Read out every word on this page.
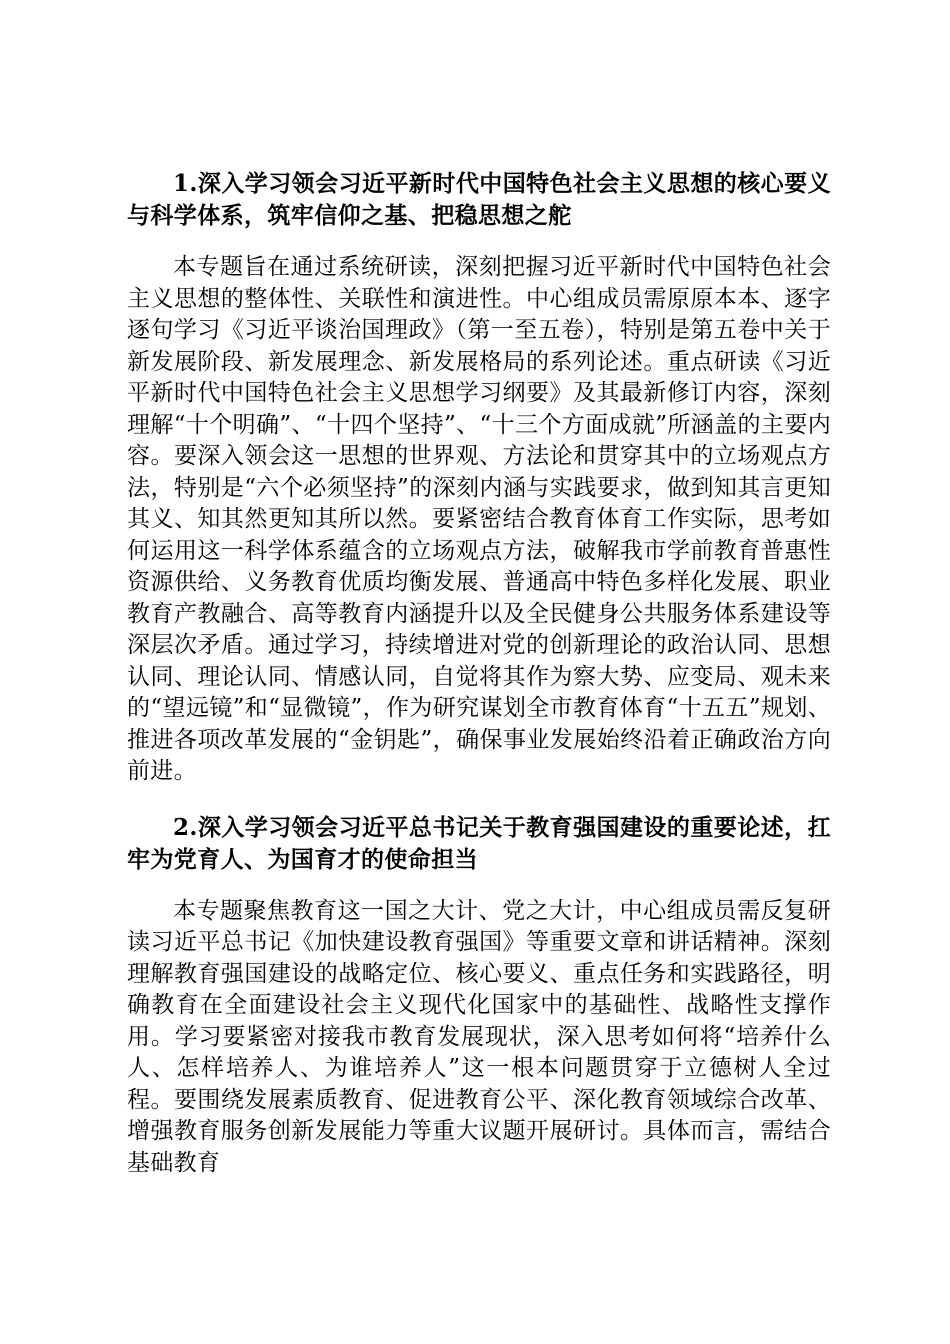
1.深入学习领会习近平新时代中国特色社会主义思想的核心要义与科学体系，筑牢信仰之基、把稳思想之舵

本专题旨在通过系统研读，深刻把握习近平新时代中国特色社会主义思想的整体性、关联性和演进性。中心组成员需原原本本、逐字逐句学习《习近平谈治国理政》（第一至五卷），特别是第五卷中关于新发展阶段、新发展理念、新发展格局的系列论述。重点研读《习近平新时代中国特色社会主义思想学习纲要》及其最新修订内容，深刻理解“十个明确”、“十四个坚持”、“十三个方面成就”所涵盖的主要内容。要深入领会这一思想的世界观、方法论和贯穿其中的立场观点方法，特别是“六个必须坚持”的深刻内涵与实践要求，做到知其言更知其义、知其然更知其所以然。要紧密结合教育体育工作实际，思考如何运用这一科学体系蕴含的立场观点方法，破解我市学前教育普惠性资源供给、义务教育优质均衡发展、普通高中特色多样化发展、职业教育产教融合、高等教育内涵提升以及全民健身公共服务体系建设等深层次矛盾。通过学习，持续增进对党的创新理论的政治认同、思想认同、理论认同、情感认同，自觉将其作为察大势、应变局、观未来的“望远镜”和“显微镜”，作为研究谋划全市教育体育“十五五”规划、推进各项改革发展的“金钥匙”，确保事业发展始终沿着正确政治方向前进。

2.深入学习领会习近平总书记关于教育强国建设的重要论述，扛牢为党育人、为国育才的使命担当

本专题聚焦教育这一国之大计、党之大计，中心组成员需反复研读习近平总书记《加快建设教育强国》等重要文章和讲话精神。深刻理解教育强国建设的战略定位、核心要义、重点任务和实践路径，明确教育在全面建设社会主义现代化国家中的基础性、战略性支撑作用。学习要紧密对接我市教育发展现状，深入思考如何将“培养什么人、怎样培养人、为谁培养人”这一根本问题贯穿于立德树人全过程。要围绕发展素质教育、促进教育公平、深化教育领域综合改革、增强教育服务创新发展能力等重大议题开展研讨。具体而言，需结合基础教育
